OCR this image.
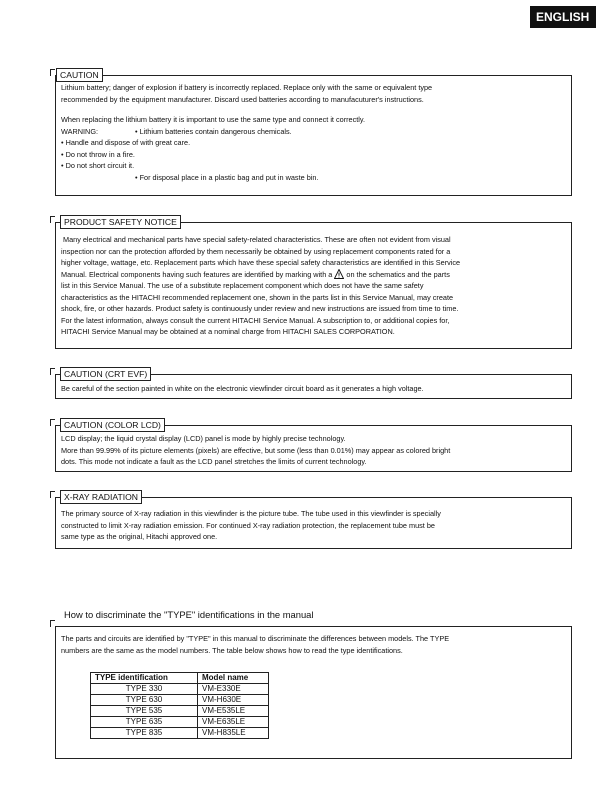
ENGLISH
CAUTION

Lithium battery; danger of explosion if battery is incorrectly replaced. Replace only with the same or equivalent type

recommended by the equipment manufacturer. Discard used batteries according to manufacuturer's instructions.

When replacing the lithium battery it is important to use the same type and connect it correctly.

WARNING:	• Lithium batteries contain dangerous chemicals.

• Handle and dispose of with great care.

• Do not throw in a fire.

• Do not short circuit it.

• For disposal place in a plastic bag and put in waste bin.

PRODUCT SAFETY NOTICE

Many electrical and mechanical parts have special safety-related characteristics. These are often not evident from visual

inspection nor can the protection afforded by them necessarily be obtained by using replacement components rated for a

higher voltage, wattage, etc. Replacement parts which have these special safety characteristics are identified in this Service

Manual. Electrical components having such features are identified by marking with a on the schematics and the parts

list in this Service Manual. The use of a substitute replacement component which does not have the same safety

characteristics as the HITACHI recommended replacement one, shown in the parts list in this Service Manual, may create

shock, fire, or other hazards. Product safety is continuously under review and new instructions are issued from time to time.

For the latest information, always consult the current HITACHI Service Manual. A subscription to, or additional copies for,

HITACHI Service Manual may be obtained at a nominal charge from HITACHI SALES CORPORATION.

CAUTION (CRT EVF)

Be careful of the section painted in white on the electronic viewfinder circuit board as it generates a high voltage.

CAUTION (COLOR LCD)

LCD display; the liquid crystal display (LCD) panel is mode by highly precise technology.

More than 99.99% of its picture elements (pixels) are effective, but some (less than 0.01%) may appear as colored bright

dots. This mode not indicate a fault as the LCD panel stretches the limits of current technology.

X-RAY RADIATION

The primary source of X-ray radiation in this viewfinder is the picture tube. The tube used in this viewfinder is specially

constructed to limit X-ray radiation emission. For continued X-ray radiation protection, the replacement tube must be

same type as the original, Hitachi approved one.

How to discriminate the "TYPE" identifications in the manual

The parts and circuits are identified by "TYPE" in this manual to discriminate the differences between models. The TYPE

numbers are the same as the model numbers. The table below shows how to read the type identifications.

TYPE identification	Model name
TYPE 330	VM-E330E
TYPE 630	VM-H630E
TYPE 535	VM-E535LE
TYPE 635	VM-E635LE
TYPE 835	VM-H835LE
